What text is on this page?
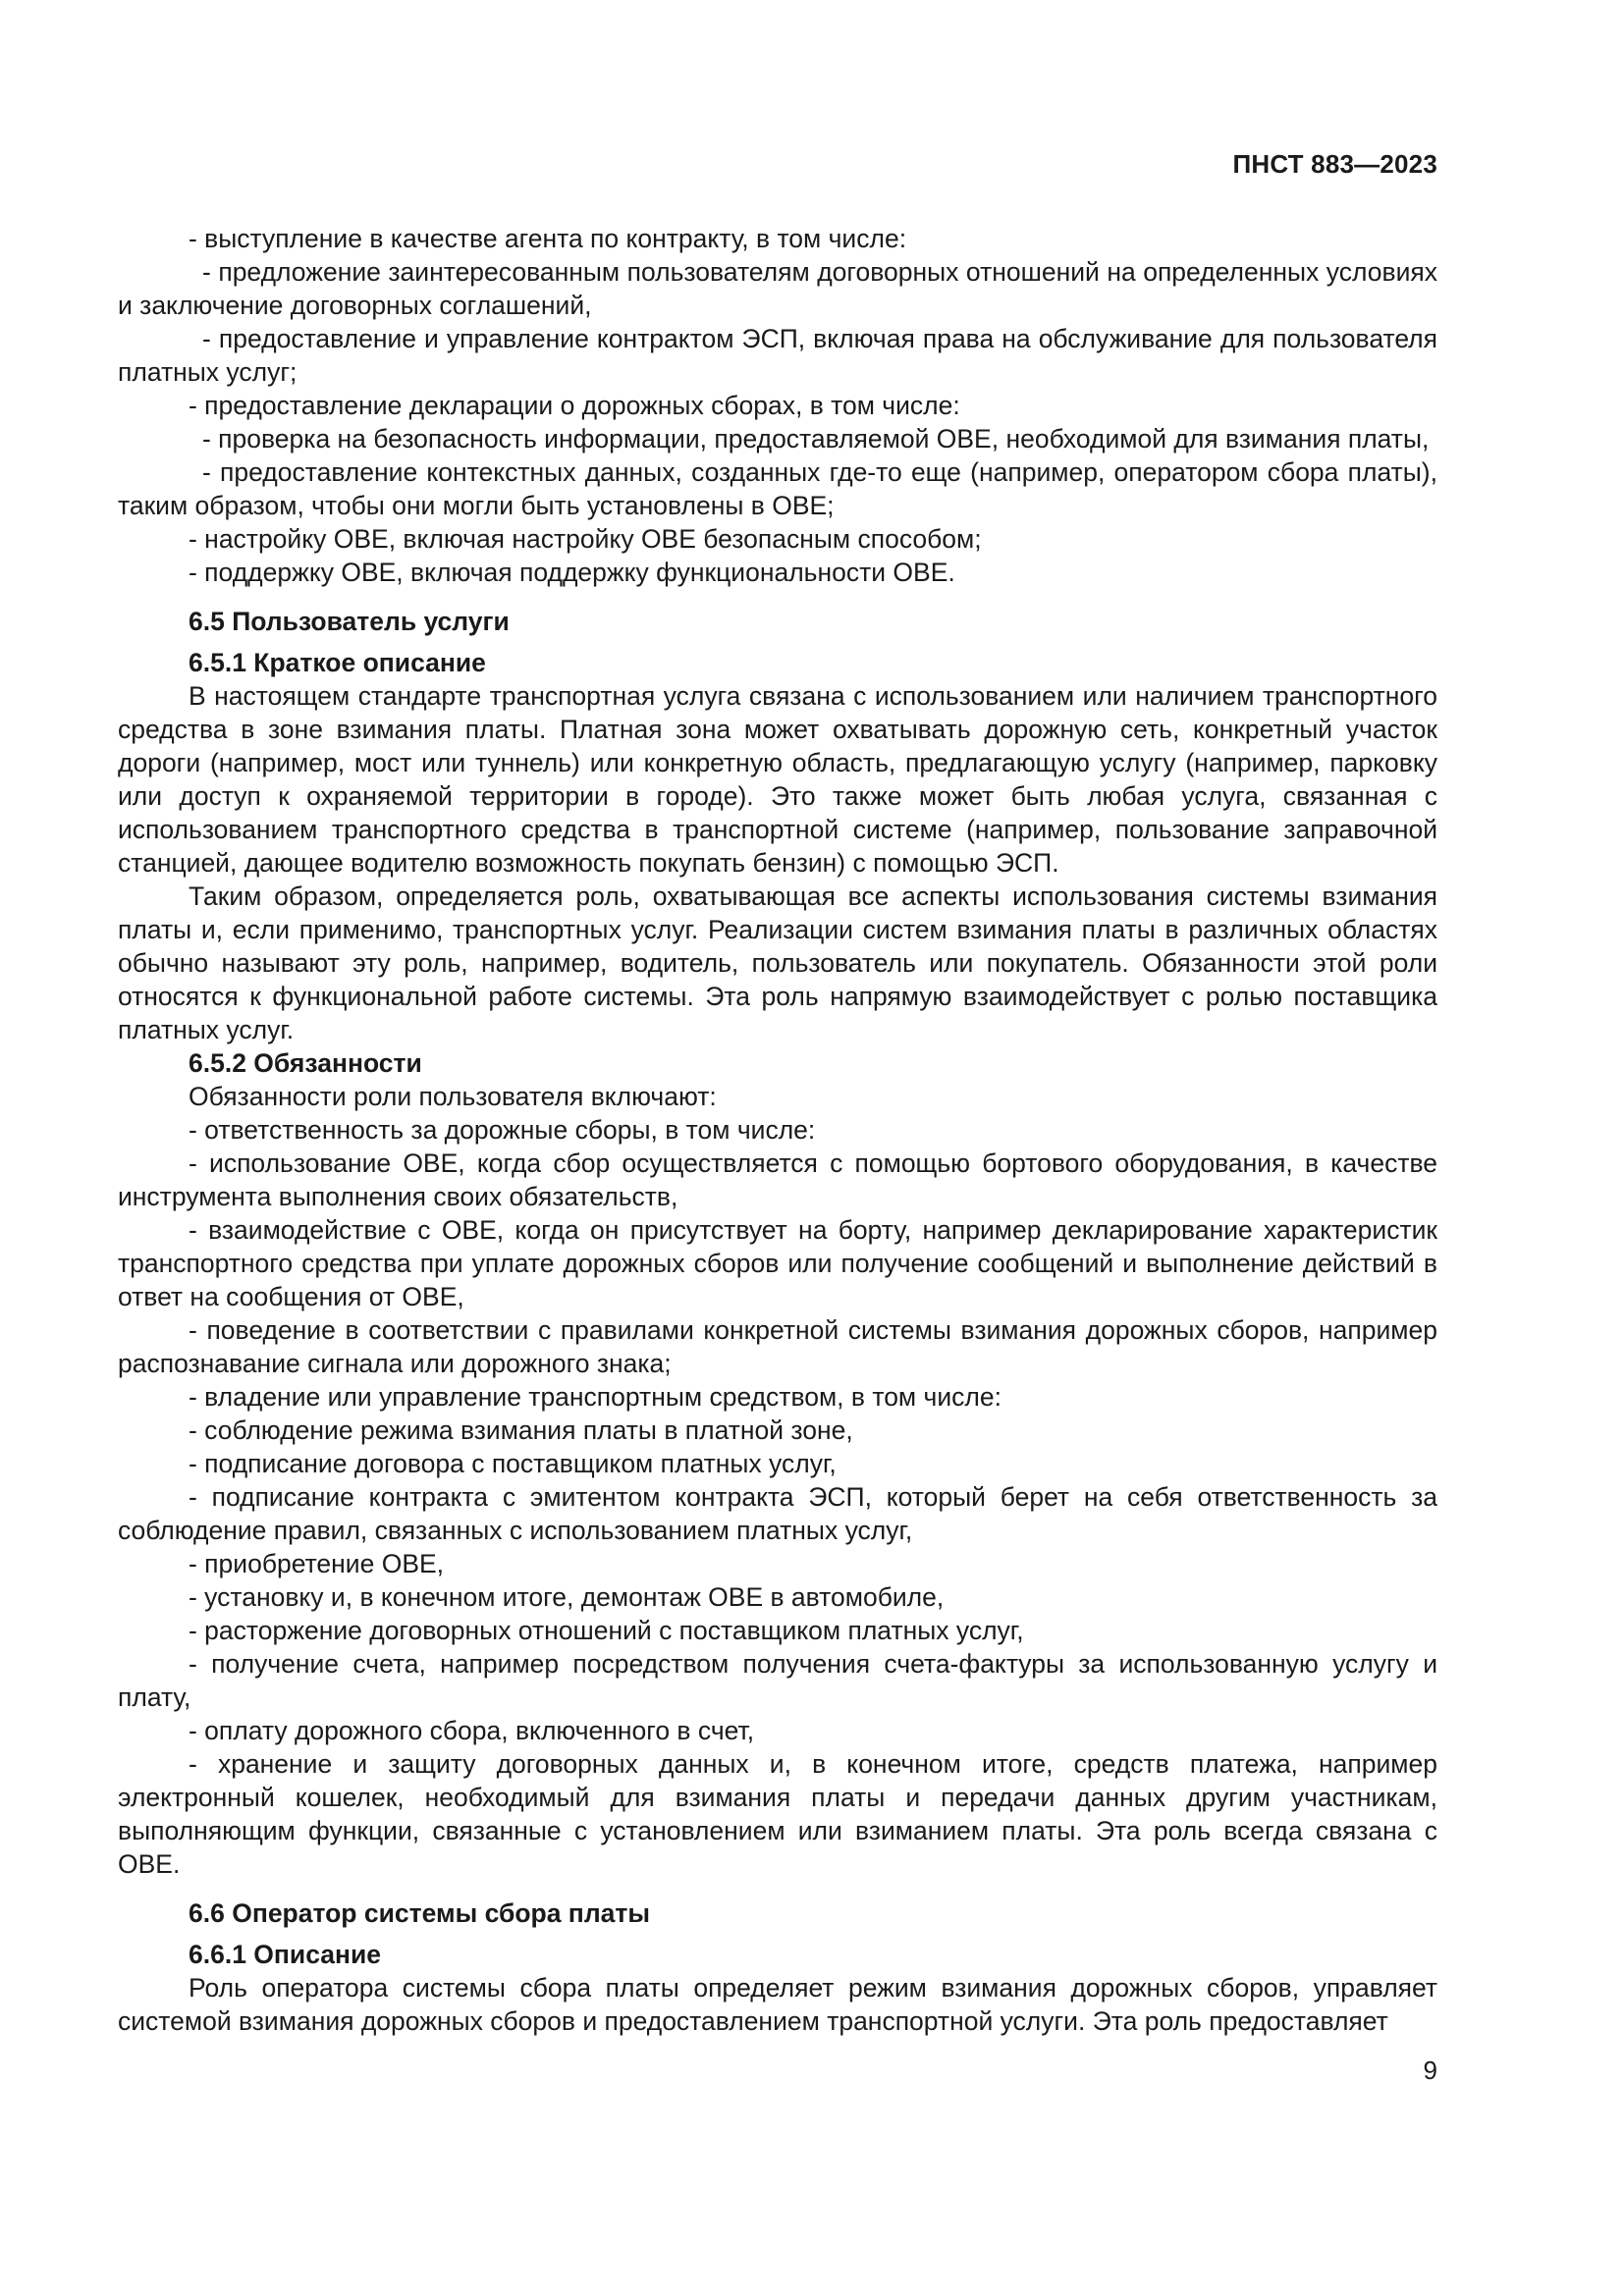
ПНСТ 883—2023

- выступление в качестве агента по контракту, в том числе:

- предложение заинтересованным пользователям договорных отношений на определенных условиях и заключение договорных соглашений,

- предоставление и управление контрактом ЭСП, включая права на обслуживание для пользователя платных услуг;

- предоставление декларации о дорожных сборах, в том числе:

- проверка на безопасность информации, предоставляемой OBE, необходимой для взимания платы,

- предоставление контекстных данных, созданных где-то еще (например, оператором сбора платы), таким образом, чтобы они могли быть установлены в OBE;

- настройку OBE, включая настройку OBE безопасным способом;

- поддержку OBE, включая поддержку функциональности OBE.

6.5 Пользователь услуги

6.5.1 Краткое описание

В настоящем стандарте транспортная услуга связана с использованием или наличием транспортного средства в зоне взимания платы. Платная зона может охватывать дорожную сеть, конкретный участок дороги (например, мост или туннель) или конкретную область, предлагающую услугу (например, парковку или доступ к охраняемой территории в городе). Это также может быть любая услуга, связанная с использованием транспортного средства в транспортной системе (например, пользование заправочной станцией, дающее водителю возможность покупать бензин) с помощью ЭСП.

Таким образом, определяется роль, охватывающая все аспекты использования системы взимания платы и, если применимо, транспортных услуг. Реализации систем взимания платы в различных областях обычно называют эту роль, например, водитель, пользователь или покупатель. Обязанности этой роли относятся к функциональной работе системы. Эта роль напрямую взаимодействует с ролью поставщика платных услуг.

6.5.2 Обязанности

Обязанности роли пользователя включают:

- ответственность за дорожные сборы, в том числе:

- использование OBE, когда сбор осуществляется с помощью бортового оборудования, в качестве инструмента выполнения своих обязательств,

- взаимодействие с OBE, когда он присутствует на борту, например декларирование характеристик транспортного средства при уплате дорожных сборов или получение сообщений и выполнение действий в ответ на сообщения от OBE,

- поведение в соответствии с правилами конкретной системы взимания дорожных сборов, например распознавание сигнала или дорожного знака;

- владение или управление транспортным средством, в том числе:

- соблюдение режима взимания платы в платной зоне,

- подписание договора с поставщиком платных услуг,

- подписание контракта с эмитентом контракта ЭСП, который берет на себя ответственность за соблюдение правил, связанных с использованием платных услуг,

- приобретение OBE,

- установку и, в конечном итоге, демонтаж OBE в автомобиле,

- расторжение договорных отношений с поставщиком платных услуг,

- получение счета, например посредством получения счета-фактуры за использованную услугу и плату,

- оплату дорожного сбора, включенного в счет,

- хранение и защиту договорных данных и, в конечном итоге, средств платежа, например электронный кошелек, необходимый для взимания платы и передачи данных другим участникам, выполняющим функции, связанные с установлением или взиманием платы. Эта роль всегда связана с OBE.

6.6 Оператор системы сбора платы

6.6.1 Описание

Роль оператора системы сбора платы определяет режим взимания дорожных сборов, управляет системой взимания дорожных сборов и предоставлением транспортной услуги. Эта роль предоставляет

9
